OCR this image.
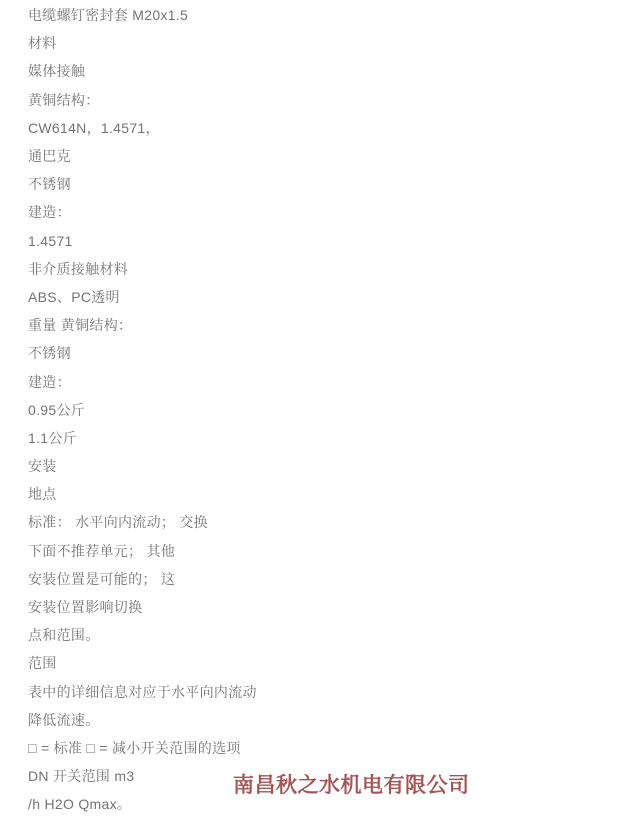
电缆螺钉密封套 M20x1.5
材料
媒体接触
黄铜结构：
CW614N，1.4571，
通巴克
不锈钢
建造：
1.4571
非介质接触材料
ABS、PC透明
重量 黄铜结构：
不锈钢
建造：
0.95公斤
1.1公斤
安装
地点
标准： 水平向内流动； 交换
下面不推荐单元； 其他
安装位置是可能的； 这
安装位置影响切换
点和范围。
范围
表中的详细信息对应于水平向内流动
降低流速。
□ = 标准 □ = 减小开关范围的选项
DN 开关范围 m3
/h H2O Qmax。
南昌秋之水机电有限公司
